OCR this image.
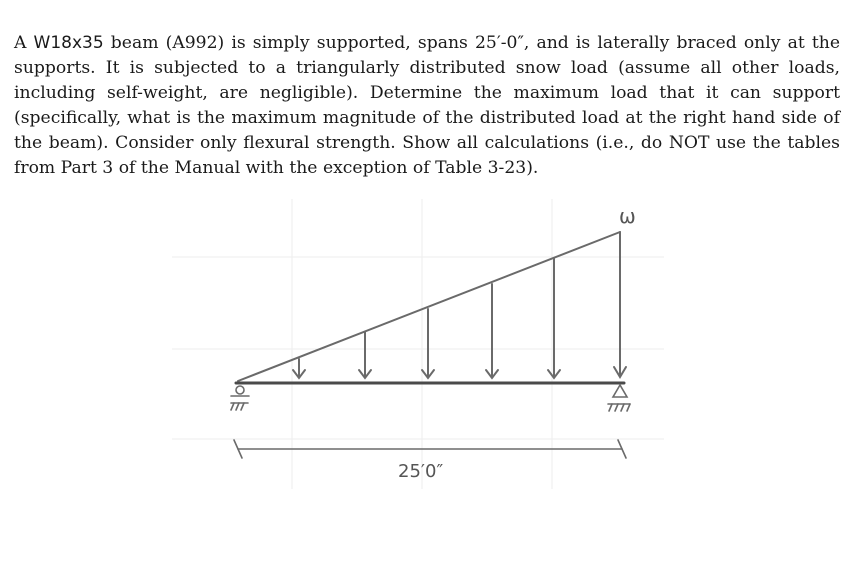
A W18x35 beam (A992) is simply supported, spans 25′-0″, and is laterally braced only at the supports. It is subjected to a triangularly distributed snow load (assume all other loads, including self-weight, are negligible). Determine the maximum load that it can support (specifically, what is the maximum magnitude of the distributed load at the right hand side of the beam). Consider only flexural strength. Show all calculations (i.e., do NOT use the tables from Part 3 of the Manual with the exception of Table 3-23).

ω
25′0″
